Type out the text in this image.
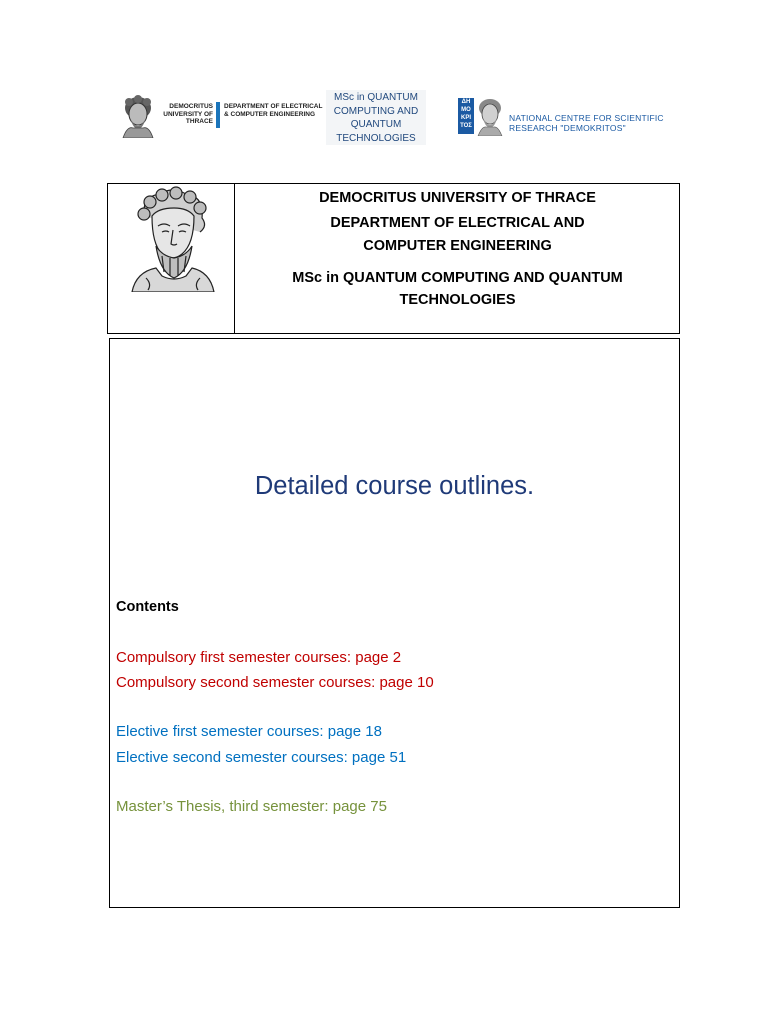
DEMOCRITUS UNIVERSITY OF THRACE
DEPARTMENT OF ELECTRICAL & COMPUTER ENGINEERING
MSc in QUANTUM COMPUTING AND QUANTUM TECHNOLOGIES
ΔΗ ΜΟ ΚΡΙ ΤΟΣ
NATIONAL CENTRE FOR SCIENTIFIC RESEARCH "DEMOKRITOS"
DEMOCRITUS UNIVERSITY OF THRACE
DEPARTMENT OF ELECTRICAL AND COMPUTER ENGINEERING
MSc in QUANTUM COMPUTING AND QUANTUM TECHNOLOGIES
Detailed course outlines.
Contents
Compulsory first semester courses: page 2
Compulsory second semester courses: page 10
Elective first semester courses: page 18
Elective second semester courses: page 51
Master’s Thesis, third semester: page 75
